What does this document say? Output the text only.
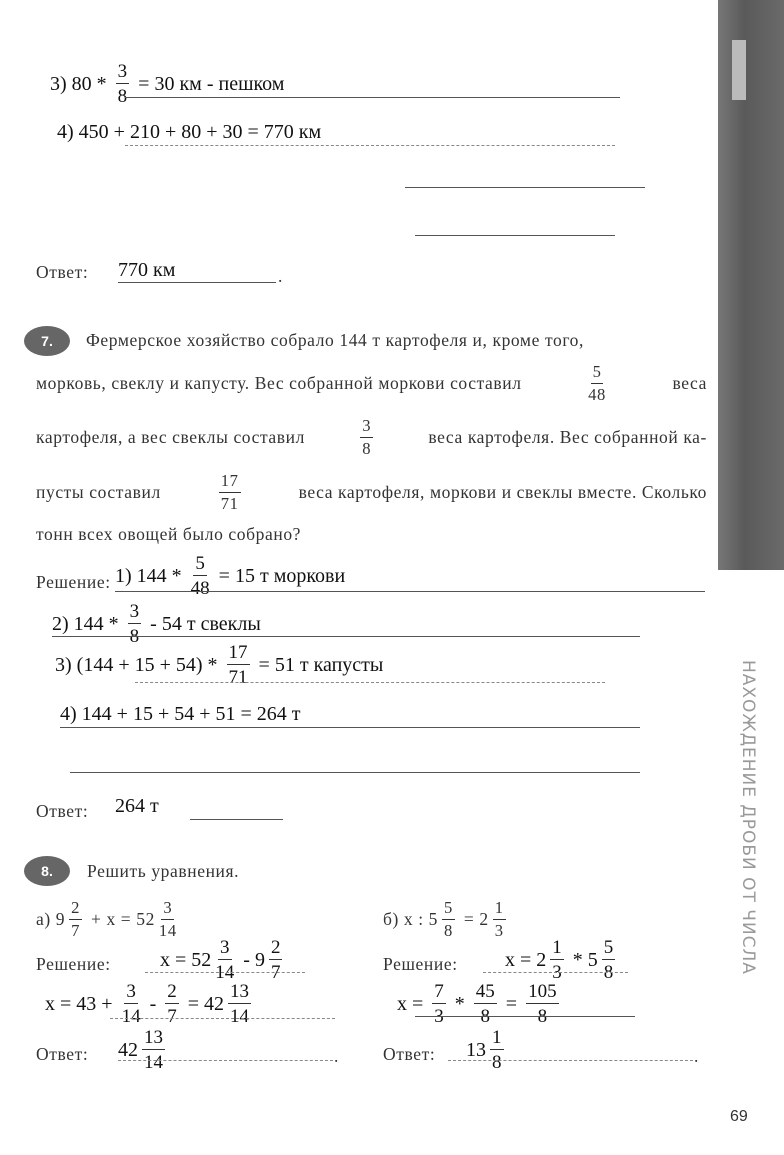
НАХОЖДЕНИЕ ДРОБИ ОТ ЧИСЛА
3) $80 * \frac{3}{8} = 30$ км - пешком
4) 450 + 210 + 80 + 30 = 770 км
Ответ: 770 км	.
7.	Фермерское хозяйство собрало 144 т картофеля и, кроме того,
морковь, свеклу и капусту. Вес собранной моркови составил	$\frac{5}{48}$	веса
картофеля, а вес свеклы составил	$\frac{3}{8}$	веса картофеля. Вес собранной ка-
пусты составил	$\frac{17}{71}$	веса картофеля, моркови и свеклы вместе. Сколько
тонн всех овощей было собрано?
Решение: 1) $144 * \frac{5}{48} = 15$ т моркови
2) $144 * \frac{3}{8} - 54$ т свеклы
3) $(144 + 15 + 54) * \frac{17}{71} = 51$ т капусты
4) 144 + 15 + 54 + 51 = 264 т
Ответ: 264 т
8.	Решить уравнения.
а) $9 \frac{2}{7} + x = 52 \frac{3}{14}$
Решение: $x = 52 \frac{3}{14} - 9 \frac{2}{7}$
$x = 43 + \frac{3}{14} - \frac{2}{7} = 42 \frac{13}{14}$
Ответ: $42 \frac{13}{14}$	.
б) x : $5 \frac{5}{8} = 2 \frac{1}{3}$
Решение: $x = 2 \frac{1}{3} * 5 \frac{5}{8}$
$x = \frac{7}{3} * \frac{45}{8} = \frac{105}{8}$
Ответ: $13 \frac{1}{8}$	.
69
